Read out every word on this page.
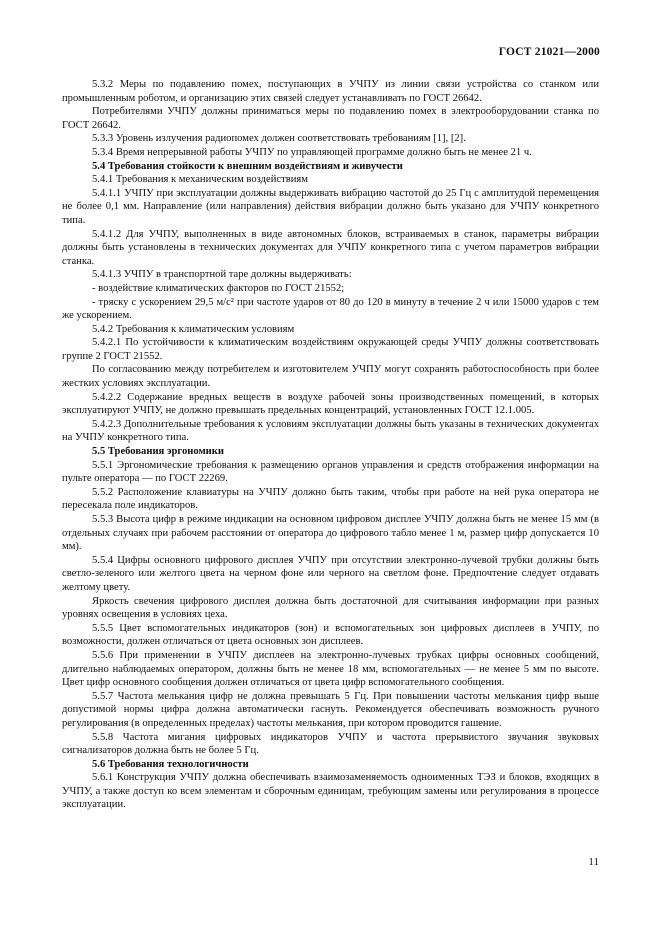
ГОСТ 21021—2000

5.3.2 Меры по подавлению помех, поступающих в УЧПУ из линии связи устройства со станком или промышленным роботом, и организацию этих связей следует устанавливать по ГОСТ 26642.

Потребителями УЧПУ должны приниматься меры по подавлению помех в электрооборудовании станка по ГОСТ 26642.

5.3.3 Уровень излучения радиопомех должен соответствовать требованиям [1], [2].

5.3.4 Время непрерывной работы УЧПУ по управляющей программе должно быть не менее 21 ч.

5.4 Требования стойкости к внешним воздействиям и живучести

5.4.1 Требования к механическим воздействиям

5.4.1.1 УЧПУ при эксплуатации должны выдерживать вибрацию частотой до 25 Гц с амплитудой перемещения не более 0,1 мм. Направление (или направления) действия вибрации должно быть указано для УЧПУ конкретного типа.

5.4.1.2 Для УЧПУ, выполненных в виде автономных блоков, встраиваемых в станок, параметры вибрации должны быть установлены в технических документах для УЧПУ конкретного типа с учетом параметров вибрации станка.

5.4.1.3 УЧПУ в транспортной таре должны выдерживать:

- воздействие климатических факторов по ГОСТ 21552;

- тряску с ускорением 29,5 м/с² при частоте ударов от 80 до 120 в минуту в течение 2 ч или 15000 ударов с тем же ускорением.

5.4.2 Требования к климатическим условиям

5.4.2.1 По устойчивости к климатическим воздействиям окружающей среды УЧПУ должны соответствовать группе 2 ГОСТ 21552.

По согласованию между потребителем и изготовителем УЧПУ могут сохранять работоспособность при более жестких условиях эксплуатации.

5.4.2.2 Содержание вредных веществ в воздухе рабочей зоны производственных помещений, в которых эксплуатируют УЧПУ, не должно превышать предельных концентраций, установленных ГОСТ 12.1.005.

5.4.2.3 Дополнительные требования к условиям эксплуатации должны быть указаны в технических документах на УЧПУ конкретного типа.

5.5 Требования эргономики

5.5.1 Эргономические требования к размещению органов управления и средств отображения информации на пульте оператора — по ГОСТ 22269.

5.5.2 Расположение клавиатуры на УЧПУ должно быть таким, чтобы при работе на ней рука оператора не пересекала поле индикаторов.

5.5.3 Высота цифр в режиме индикации на основном цифровом дисплее УЧПУ должна быть не менее 15 мм (в отдельных случаях при рабочем расстоянии от оператора до цифрового табло менее 1 м, размер цифр допускается 10 мм).

5.5.4 Цифры основного цифрового дисплея УЧПУ при отсутствии электронно-лучевой трубки должны быть светло-зеленого или желтого цвета на черном фоне или черного на светлом фоне. Предпочтение следует отдавать желтому цвету.

Яркость свечения цифрового дисплея должна быть достаточной для считывания информации при разных уровнях освещения в условиях цеха.

5.5.5 Цвет вспомогательных индикаторов (зон) и вспомогательных зон цифровых дисплеев в УЧПУ, по возможности, должен отличаться от цвета основных зон дисплеев.

5.5.6 При применении в УЧПУ дисплеев на электронно-лучевых трубках цифры основных сообщений, длительно наблюдаемых оператором, должны быть не менее 18 мм, вспомогательных — не менее 5 мм по высоте. Цвет цифр основного сообщения должен отличаться от цвета цифр вспомогательного сообщения.

5.5.7 Частота мелькания цифр не должна превышать 5 Гц. При повышении частоты мелькания цифр выше допустимой нормы цифра должна автоматически гаснуть. Рекомендуется обеспечивать возможность ручного регулирования (в определенных пределах) частоты мелькания, при котором проводится гашение.

5.5.8 Частота мигания цифровых индикаторов УЧПУ и частота прерывистого звучания звуковых сигнализаторов должна быть не более 5 Гц.

5.6 Требования технологичности

5.6.1 Конструкция УЧПУ должна обеспечивать взаимозаменяемость одноименных ТЭЗ и блоков, входящих в УЧПУ, а также доступ ко всем элементам и сборочным единицам, требующим замены или регулирования в процессе эксплуатации.

11
